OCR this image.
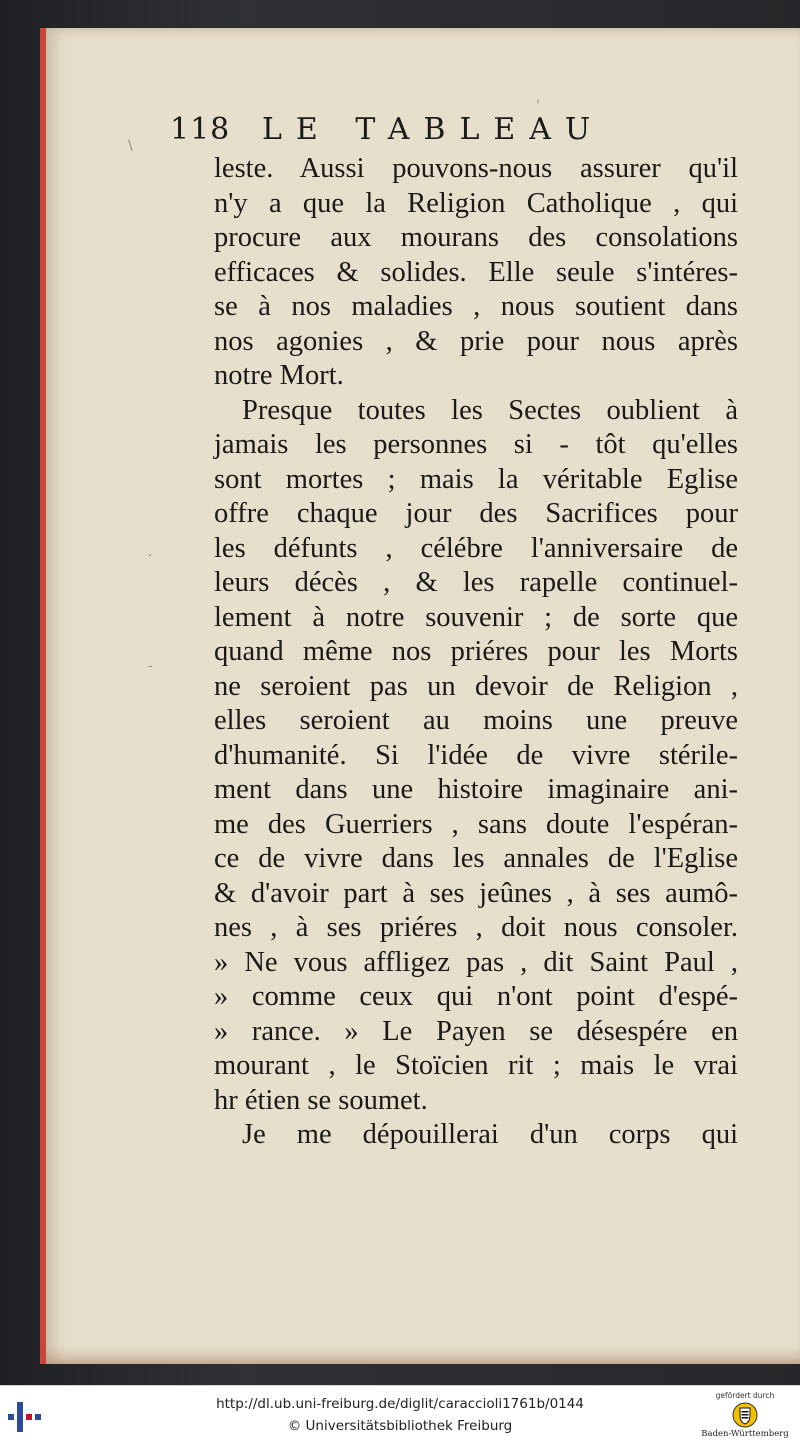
'
\
·
-
118 LE TABLEAU
leste. Aussi pouvons-nous assurer qu'il
n'y a que la Religion Catholique , qui
procure aux mourans des consolations
efficaces & solides. Elle seule s'intéres-
se à nos maladies , nous soutient dans
nos agonies , & prie pour nous après
notre Mort.
Presque toutes les Sectes oublient à
jamais les personnes si - tôt qu'elles
sont mortes ; mais la véritable Eglise
offre chaque jour des Sacrifices pour
les défunts , célébre l'anniversaire de
leurs décès , & les rapelle continuel-
lement à notre souvenir ; de sorte que
quand même nos priéres pour les Morts
ne seroient pas un devoir de Religion ,
elles seroient au moins une preuve
d'humanité. Si l'idée de vivre stérile-
ment dans une histoire imaginaire ani-
me des Guerriers , sans doute l'espéran-
ce de vivre dans les annales de l'Eglise
& d'avoir part à ses jeûnes , à ses aumô-
nes , à ses priéres , doit nous consoler.
» Ne vous affligez pas , dit Saint Paul ,
» comme ceux qui n'ont point d'espé-
» rance. » Le Payen se désespére en
mourant , le Stoïcien rit ; mais le vrai
hr étien se soumet.
Je me dépouillerai d'un corps qui
http://dl.ub.uni-freiburg.de/diglit/caraccioli1761b/0144
© Universitätsbibliothek Freiburg
gefördert durch
Baden-Württemberg
